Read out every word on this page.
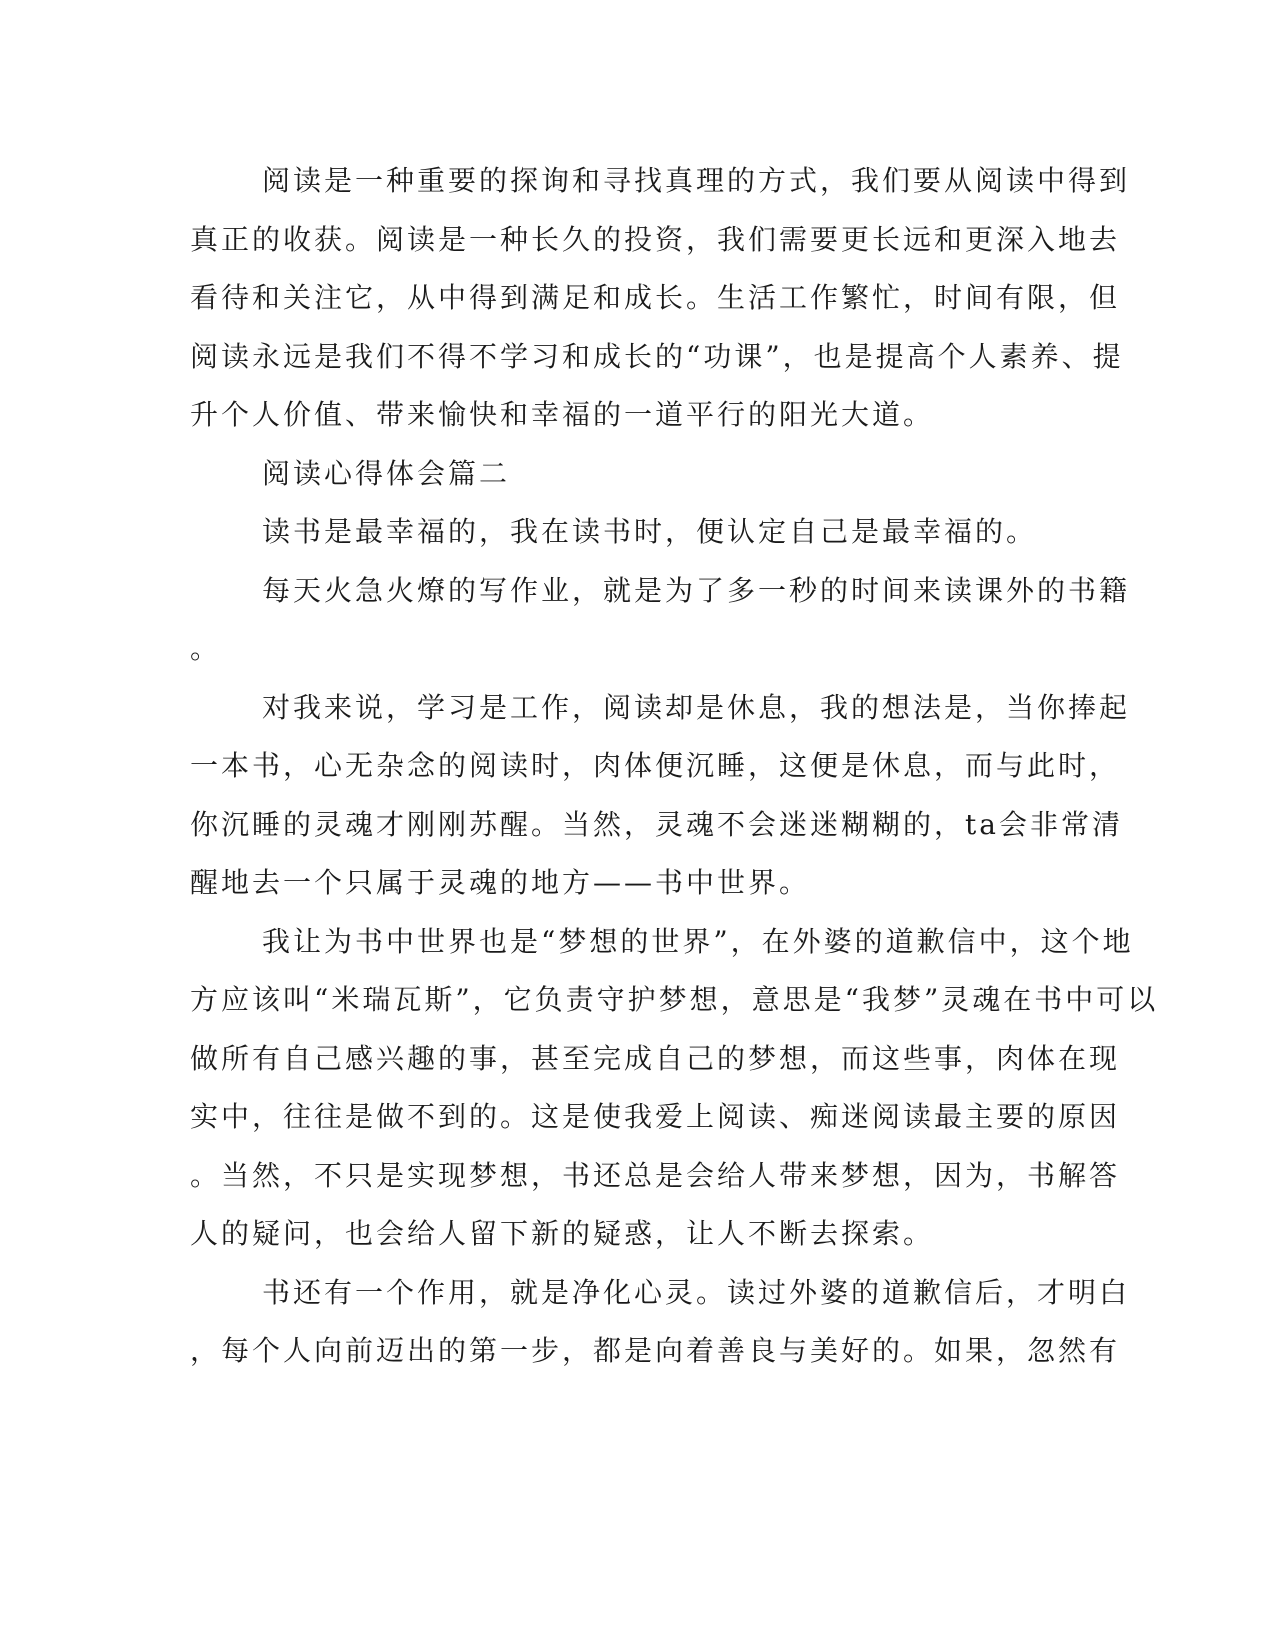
阅读是一种重要的探询和寻找真理的方式，我们要从阅读中得到
真正的收获。阅读是一种长久的投资，我们需要更长远和更深入地去
看待和关注它，从中得到满足和成长。生活工作繁忙，时间有限，但
阅读永远是我们不得不学习和成长的“功课”，也是提高个人素养、提
升个人价值、带来愉快和幸福的一道平行的阳光大道。
阅读心得体会篇二
读书是最幸福的，我在读书时，便认定自己是最幸福的。
每天火急火燎的写作业，就是为了多一秒的时间来读课外的书籍
。
对我来说，学习是工作，阅读却是休息，我的想法是，当你捧起
一本书，心无杂念的阅读时，肉体便沉睡，这便是休息，而与此时，
你沉睡的灵魂才刚刚苏醒。当然，灵魂不会迷迷糊糊的，ta会非常清
醒地去一个只属于灵魂的地方——书中世界。
我让为书中世界也是“梦想的世界”，在外婆的道歉信中，这个地
方应该叫“米瑞瓦斯”，它负责守护梦想，意思是“我梦”灵魂在书中可以
做所有自己感兴趣的事，甚至完成自己的梦想，而这些事，肉体在现
实中，往往是做不到的。这是使我爱上阅读、痴迷阅读最主要的原因
。当然，不只是实现梦想，书还总是会给人带来梦想，因为，书解答
人的疑问，也会给人留下新的疑惑，让人不断去探索。
书还有一个作用，就是净化心灵。读过外婆的道歉信后，才明白
，每个人向前迈出的第一步，都是向着善良与美好的。如果，忽然有
